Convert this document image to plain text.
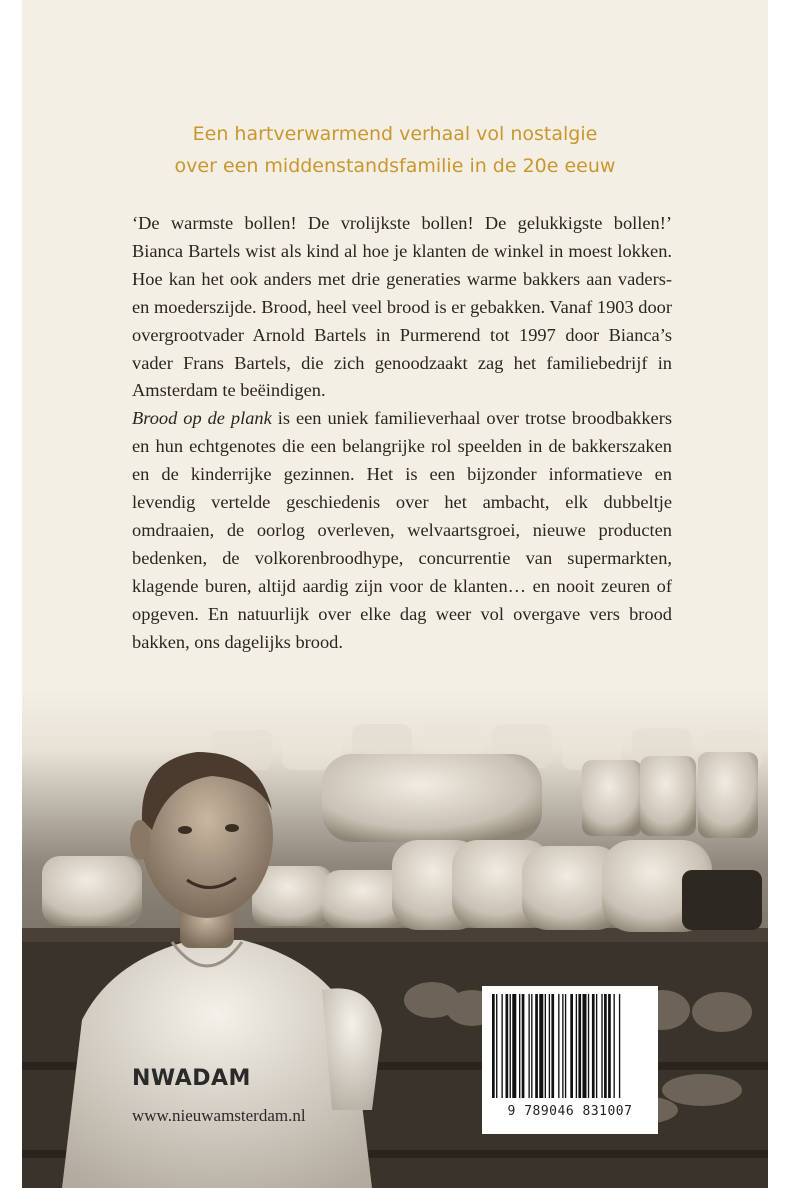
Een hartverwarmend verhaal vol nostalgie
over een middenstandsfamilie in de 20e eeuw

‘De warmste bollen! De vrolijkste bollen! De gelukkigste bollen!’ Bianca Bartels wist als kind al hoe je klanten de winkel in moest lokken. Hoe kan het ook anders met drie generaties warme bakkers aan vaders- en moederszijde. Brood, heel veel brood is er gebakken. Vanaf 1903 door overgrootvader Arnold Bartels in Purmerend tot 1997 door Bianca’s vader Frans Bartels, die zich genoodzaakt zag het familiebedrijf in Amsterdam te beëindigen.

Brood op de plank is een uniek familieverhaal over trotse broodbakkers en hun echtgenotes die een belangrijke rol speelden in de bakkerszaken en de kinderrijke gezinnen. Het is een bijzonder informatieve en levendig vertelde geschiedenis over het ambacht, elk dubbeltje omdraaien, de oorlog overleven, welvaartsgroei, nieuwe producten bedenken, de volkorenbroodhype, concurrentie van supermarkten, klagende buren, altijd aardig zijn voor de klanten… en nooit zeuren of opgeven. En natuurlijk over elke dag weer vol overgave vers brood bakken, ons dagelijks brood.

NWADAM
www.nieuwamsterdam.nl	9 789046 831007
